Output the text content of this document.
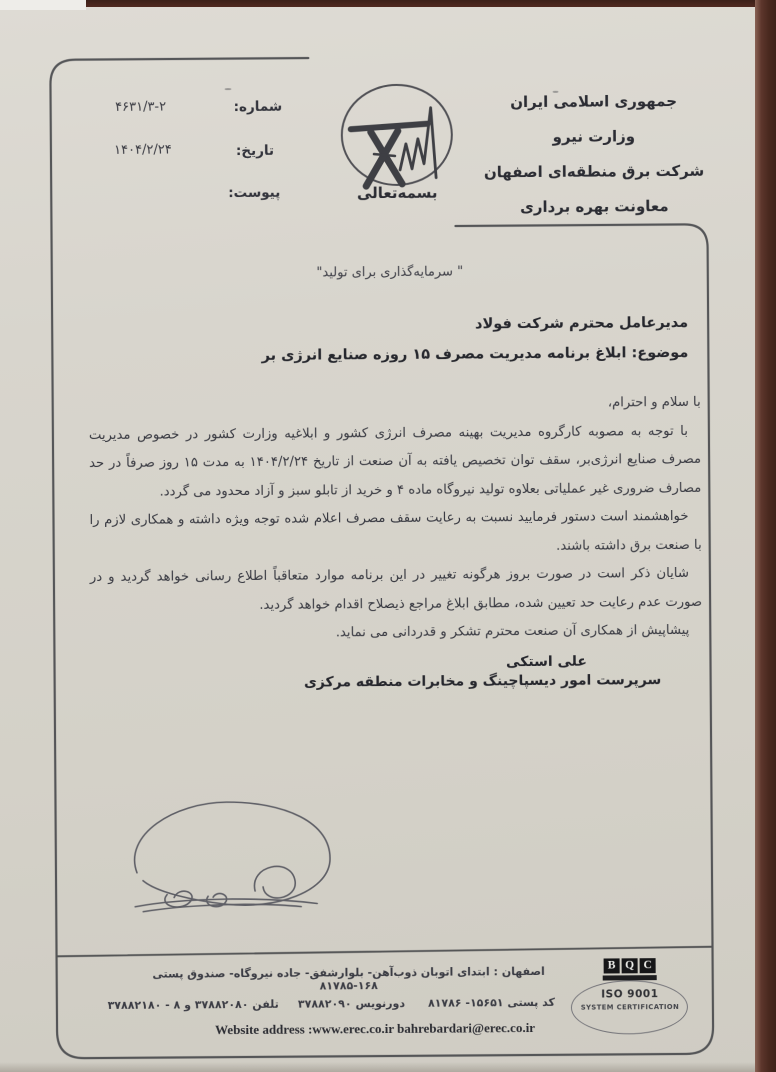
جمهوری اسلامی ایران
وزارت نیرو
شرکت برق منطقه‌ای اصفهان
معاونت بهره برداری
بسمه‌تعالی
شماره:
۴۶۳۱/۳-۲
تاریخ:
۱۴۰۴/۲/۲۴
پیوست:
" سرمایه‌گذاری برای تولید"
مدیرعامل محترم شرکت فولاد
موضوع: ابلاغ برنامه مدیریت مصرف ۱۵ روزه صنایع انرژی بر

با سلام و احترام،

با توجه به مصوبه کارگروه مدیریت بهینه مصرف انرژی کشور و ابلاغیه وزارت کشور در خصوص مدیریت مصرف صنایع انرژی‌بر، سقف توان تخصیص یافته به آن صنعت از تاریخ ۱۴۰۴/۲/۲۴ به مدت ۱۵ روز صرفاً در حد مصارف ضروری غیر عملیاتی بعلاوه تولید نیروگاه ماده ۴ و خرید از تابلو سبز و آزاد محدود می گردد.

خواهشمند است دستور فرمایید نسبت به رعایت سقف مصرف اعلام شده توجه ویژه داشته و همکاری لازم را با صنعت برق داشته باشند.

شایان ذکر است در صورت بروز هرگونه تغییر در این برنامه موارد متعاقباً اطلاع رسانی خواهد گردید و در صورت عدم رعایت حد تعیین شده، مطابق ابلاغ مراجع ذیصلاح اقدام خواهد گردید.

پیشاپیش از همکاری آن صنعت محترم تشکر و قدردانی می نماید.

علی استکی
سرپرست امور دیسپاچینگ و مخابرات منطقه مرکزی
اصفهان : ابتدای اتوبان ذوب‌آهن- بلوارشفق- جاده نیروگاه- صندوق پستی ۱۶۸-۸۱۷۸۵
کد پستی ۱۵۶۵۱- ۸۱۷۸۶      دورنویس ۳۷۸۸۲۰۹۰     تلفن ۳۷۸۸۲۰۸۰ و ۸ - ۳۷۸۸۲۱۸۰
Website address :www.erec.co.ir bahrebardari@erec.co.ir
B Q C
ISO 9001
SYSTEM CERTIFICATION
